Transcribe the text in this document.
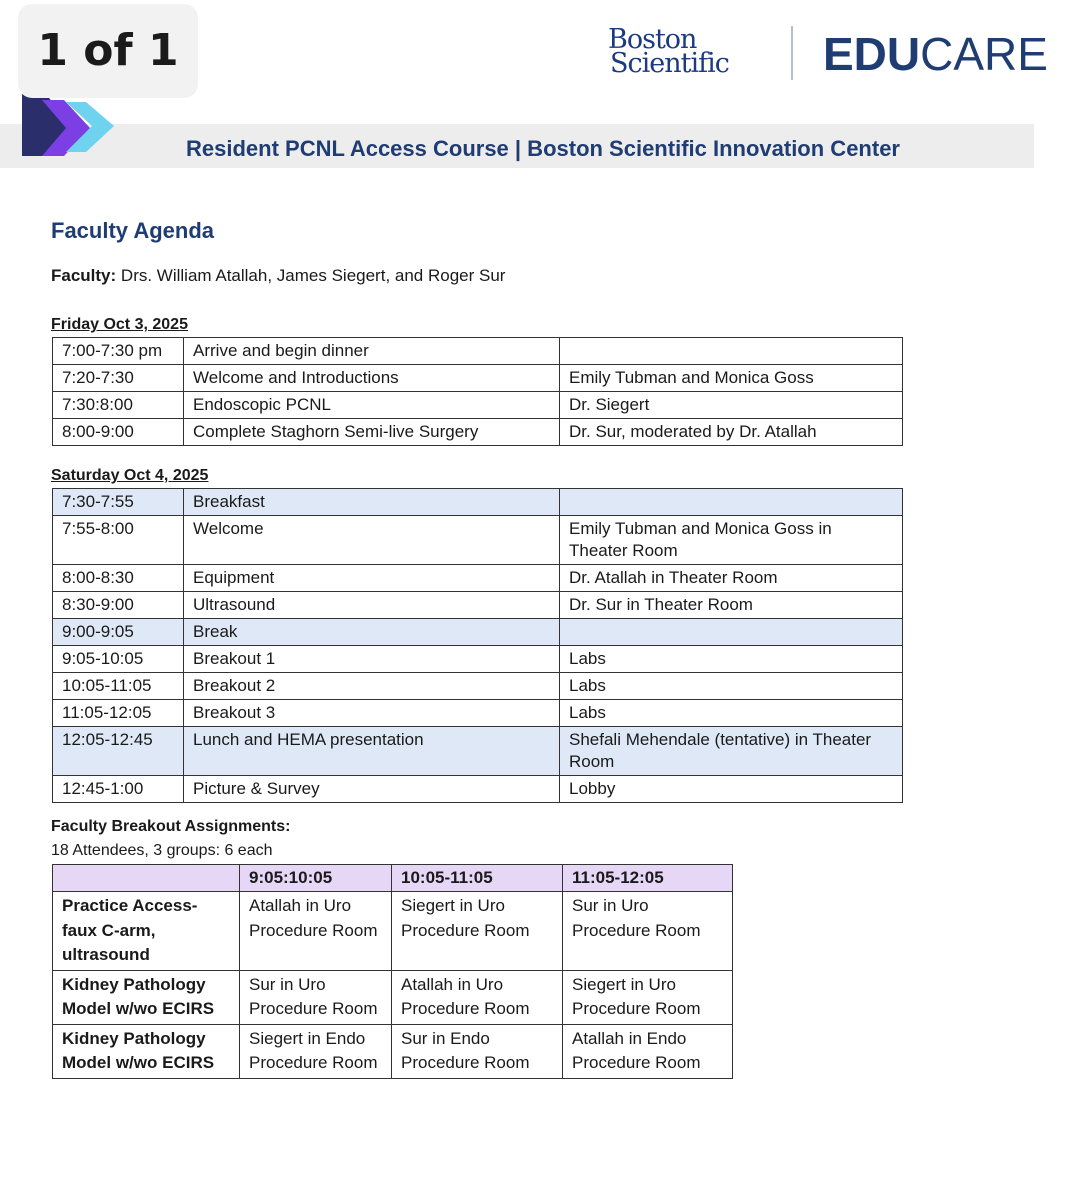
1 of 1	Boston
Scientific	EDUCARE
Resident PCNL Access Course | Boston Scientific Innovation Center
Faculty Agenda
Faculty: Drs. William Atallah, James Siegert, and Roger Sur
Friday Oct 3, 2025
7:00-7:30 pm	Arrive and begin dinner	
7:20-7:30	Welcome and Introductions	Emily Tubman and Monica Goss
7:30:8:00	Endoscopic PCNL	Dr. Siegert
8:00-9:00	Complete Staghorn Semi-live Surgery	Dr. Sur, moderated by Dr. Atallah
Saturday Oct 4, 2025
7:30-7:55	Breakfast	
7:55-8:00	Welcome	Emily Tubman and Monica Goss in Theater Room
8:00-8:30	Equipment	Dr. Atallah in Theater Room
8:30-9:00	Ultrasound	Dr. Sur in Theater Room
9:00-9:05	Break	
9:05-10:05	Breakout 1	Labs
10:05-11:05	Breakout 2	Labs
11:05-12:05	Breakout 3	Labs
12:05-12:45	Lunch and HEMA presentation	Shefali Mehendale (tentative) in Theater Room
12:45-1:00	Picture & Survey	Lobby
Faculty Breakout Assignments:
18 Attendees, 3 groups: 6 each
	9:05:10:05	10:05-11:05	11:05-12:05
Practice Access-faux C-arm, ultrasound	Atallah in Uro Procedure Room	Siegert in Uro Procedure Room	Sur in Uro Procedure Room
Kidney Pathology Model w/wo ECIRS	Sur in Uro Procedure Room	Atallah in Uro Procedure Room	Siegert in Uro Procedure Room
Kidney Pathology Model w/wo ECIRS	Siegert in Endo Procedure Room	Sur in Endo Procedure Room	Atallah in Endo Procedure Room
